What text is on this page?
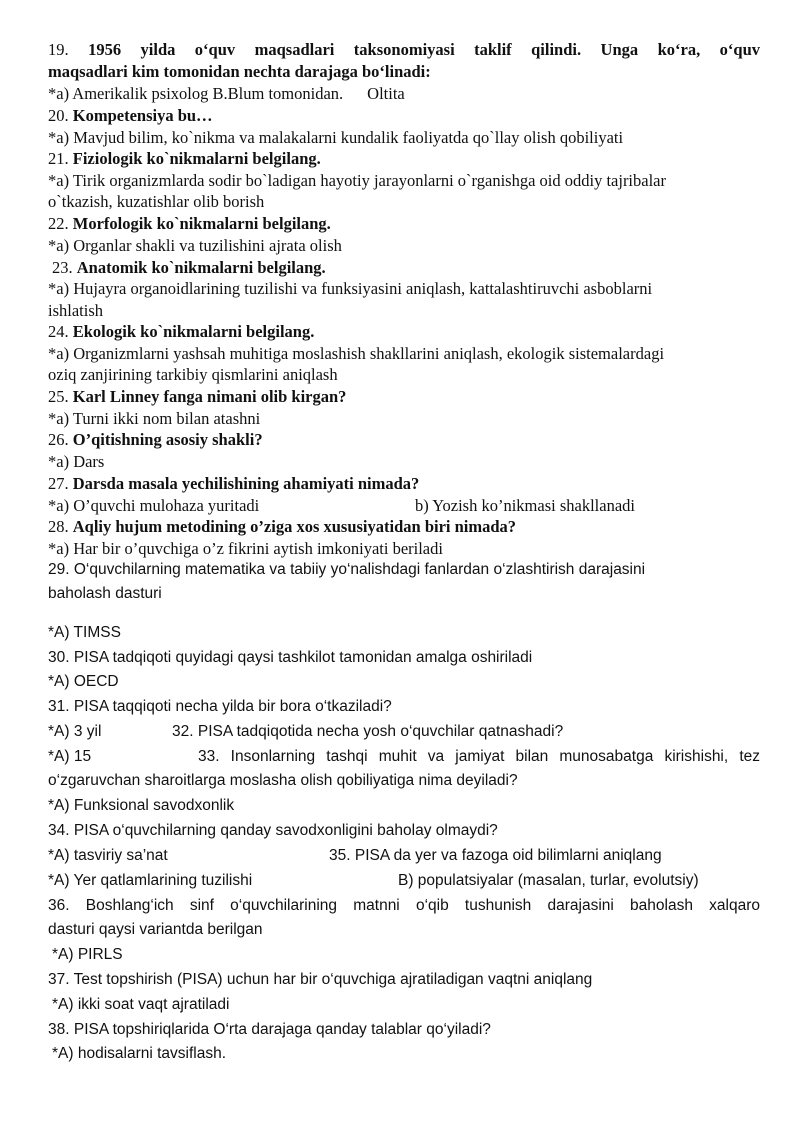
19. 1956 yilda o‘quv maqsadlari taksonomiyasi taklif qilindi. Unga ko‘ra, o‘quv
maqsadlari kim tomonidan nechta darajaga bo‘linadi:
*a) Amerikalik psixolog B.Blum tomonidan. Oltita
20. Kompetensiya bu…
*a) Mavjud bilim, ko`nikma va malakalarni kundalik faoliyatda qo`llay olish qobiliyati
21. Fiziologik ko`nikmalarni belgilang.
*a) Tirik organizmlarda sodir bo`ladigan hayotiy jarayonlarni o`rganishga oid oddiy tajribalar
o`tkazish, kuzatishlar olib borish
22. Morfologik ko`nikmalarni belgilang.
*a) Organlar shakli va tuzilishini ajrata olish
23. Anatomik ko`nikmalarni belgilang.
*a) Hujayra organoidlarining tuzilishi va funksiyasini aniqlash, kattalashtiruvchi asboblarni
ishlatish
24. Ekologik ko`nikmalarni belgilang.
*a) Organizmlarni yashsah muhitiga moslashish shakllarini aniqlash, ekologik sistemalardagi
oziq zanjirining tarkibiy qismlarini aniqlash
25. Karl Linney fanga nimani olib kirgan?
*a) Turni ikki nom bilan atashni
26. O’qitishning asosiy shakli?
*a) Dars
27. Darsda masala yechilishining ahamiyati nimada?
*a) O’quvchi mulohaza yuritadi	b) Yozish ko’nikmasi shakllanadi
28. Aqliy hujum metodining o’ziga xos xususiyatidan biri nimada?
*a) Har bir o’quvchiga o’z fikrini aytish imkoniyati beriladi
29. O‘quvchilarning matematika va tabiiy yo‘nalishdagi fanlardan o‘zlashtirish darajasini
baholash dasturi
*A) TIMSS
30. PISA tadqiqoti quyidagi qaysi tashkilot tamonidan amalga oshiriladi
*A) OECD
31. PISA taqqiqoti necha yilda bir bora o‘tkaziladi?
*A) 3 yil	32. PISA tadqiqotida necha yosh o‘quvchilar qatnashadi?
*A) 15	33. Insonlarning tashqi muhit va jamiyat bilan munosabatga kirishishi, tez
o‘zgaruvchan sharoitlarga moslasha olish qobiliyatiga nima deyiladi?
*A) Funksional savodxonlik
34. PISA o‘quvchilarning qanday savodxonligini baholay olmaydi?
*A) tasviriy sa’nat	35. PISA da yer va fazoga oid bilimlarni aniqlang
*A) Yer qatlamlarining tuzilishi	B) populatsiyalar (masalan, turlar, evolutsiy)
36. Boshlang‘ich sinf o‘quvchilarining matnni o‘qib tushunish darajasini baholash xalqaro
dasturi qaysi variantda berilgan
*A) PIRLS
37. Test topshirish (PISA) uchun har bir o‘quvchiga ajratiladigan vaqtni aniqlang
*A) ikki soat vaqt ajratiladi
38. PISA topshiriqlarida O‘rta darajaga qanday talablar qo‘yiladi?
*A) hodisalarni tavsiflash.
